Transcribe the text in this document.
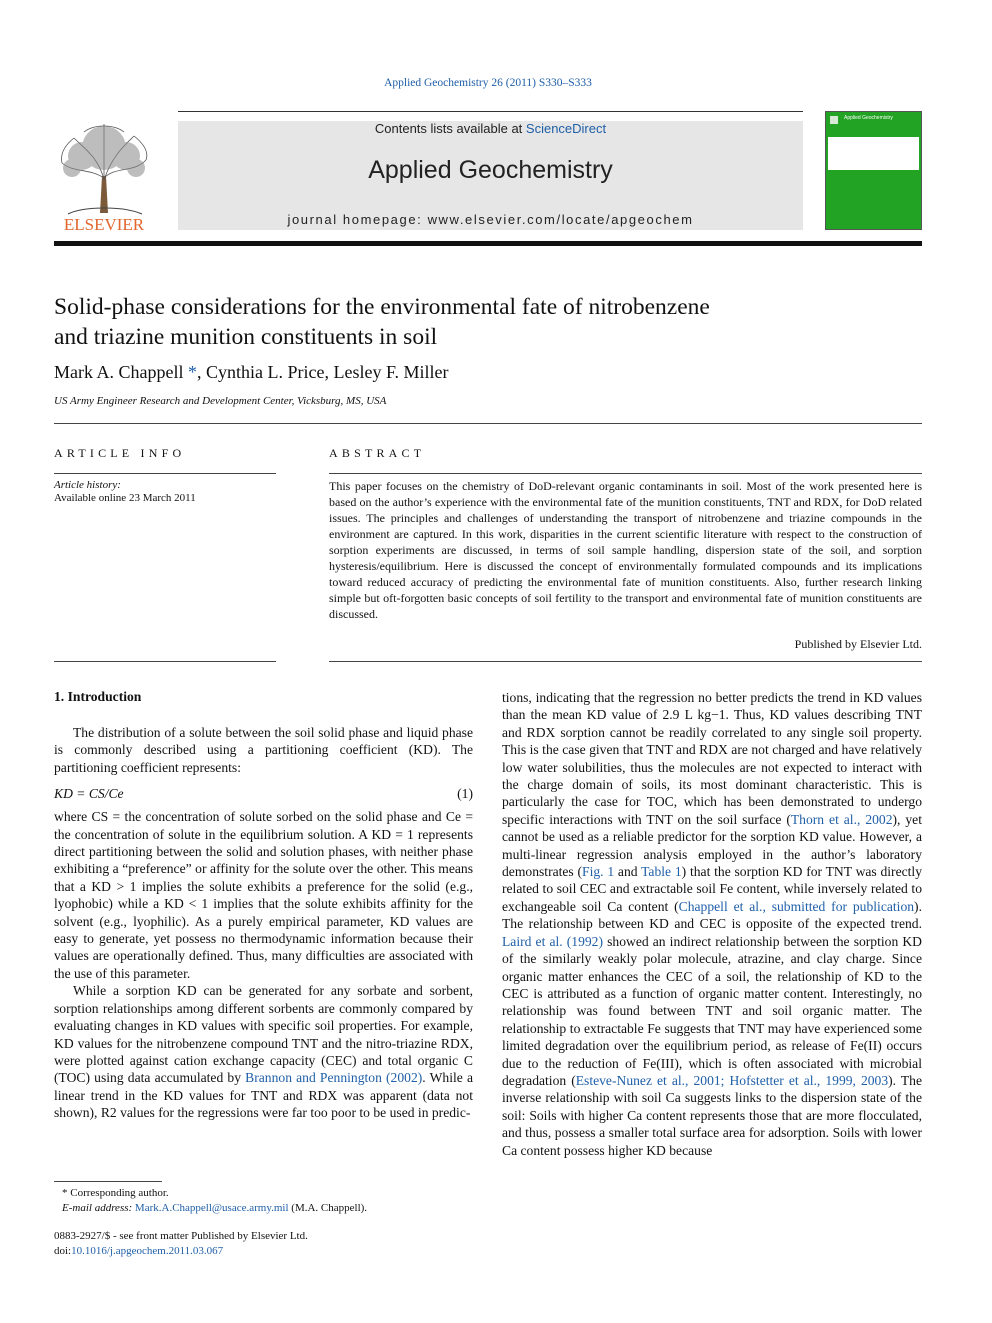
Applied Geochemistry 26 (2011) S330–S333
ELSEVIER
Contents lists available at ScienceDirect
Applied Geochemistry
journal homepage: www.elsevier.com/locate/apgeochem
Applied Geochemistry
Solid-phase considerations for the environmental fate of nitrobenzene
and triazine munition constituents in soil
Mark A. Chappell *, Cynthia L. Price, Lesley F. Miller
US Army Engineer Research and Development Center, Vicksburg, MS, USA
ARTICLE INFO	ABSTRACT
Article history:
Available online 23 March 2011
This paper focuses on the chemistry of DoD-relevant organic contaminants in soil. Most of the work presented here is based on the author’s experience with the environmental fate of the munition constituents, TNT and RDX, for DoD related issues. The principles and challenges of understanding the transport of nitrobenzene and triazine compounds in the environment are captured. In this work, disparities in the current scientific literature with respect to the construction of sorption experiments are discussed, in terms of soil sample handling, dispersion state of the soil, and sorption hysteresis/equilibrium. Here is discussed the concept of environmentally formulated compounds and its implications toward reduced accuracy of predicting the environmental fate of munition constituents. Also, further research linking simple but oft-forgotten basic concepts of soil fertility to the transport and environmental fate of munition constituents are discussed.
Published by Elsevier Ltd.
1. Introduction

The distribution of a solute between the soil solid phase and liquid phase is commonly described using a partitioning coefficient (KD). The partitioning coefficient represents:

KD = CS/Ce	(1)

where CS = the concentration of solute sorbed on the solid phase and Ce = the concentration of solute in the equilibrium solution. A KD = 1 represents direct partitioning between the solid and solution phases, with neither phase exhibiting a “preference” or affinity for the solute over the other. This means that a KD > 1 implies the solute exhibits a preference for the solid (e.g., lyophobic) while a KD < 1 implies that the solute exhibits affinity for the solvent (e.g., lyophilic). As a purely empirical parameter, KD values are easy to generate, yet possess no thermodynamic information because their values are operationally defined. Thus, many difficulties are associated with the use of this parameter.

While a sorption KD can be generated for any sorbate and sorbent, sorption relationships among different sorbents are commonly compared by evaluating changes in KD values with specific soil properties. For example, KD values for the nitrobenzene compound TNT and the nitro-triazine RDX, were plotted against cation exchange capacity (CEC) and total organic C (TOC) using data accumulated by Brannon and Pennington (2002). While a linear trend in the KD values for TNT and RDX was apparent (data not shown), R2 values for the regressions were far too poor to be used in predic-

tions, indicating that the regression no better predicts the trend in KD values than the mean KD value of 2.9 L kg−1. Thus, KD values describing TNT and RDX sorption cannot be readily correlated to any single soil property. This is the case given that TNT and RDX are not charged and have relatively low water solubilities, thus the molecules are not expected to interact with the charge domain of soils, its most dominant characteristic. This is particularly the case for TOC, which has been demonstrated to undergo specific interactions with TNT on the soil surface (Thorn et al., 2002), yet cannot be used as a reliable predictor for the sorption KD value. However, a multi-linear regression analysis employed in the author’s laboratory demonstrates (Fig. 1 and Table 1) that the sorption KD for TNT was directly related to soil CEC and extractable soil Fe content, while inversely related to exchangeable soil Ca content (Chappell et al., submitted for publication). The relationship between KD and CEC is opposite of the expected trend. Laird et al. (1992) showed an indirect relationship between the sorption KD of the similarly weakly polar molecule, atrazine, and clay charge. Since organic matter enhances the CEC of a soil, the relationship of KD to the CEC is attributed as a function of organic matter content. Interestingly, no relationship was found between TNT and soil organic matter. The relationship to extractable Fe suggests that TNT may have experienced some limited degradation over the equilibrium period, as release of Fe(II) occurs due to the reduction of Fe(III), which is often associated with microbial degradation (Esteve-Nunez et al., 2001; Hofstetter et al., 1999, 2003). The inverse relationship with soil Ca suggests links to the dispersion state of the soil: Soils with higher Ca content represents those that are more flocculated, and thus, possess a smaller total surface area for adsorption. Soils with lower Ca content possess higher KD because

* Corresponding author.
E-mail address: Mark.A.Chappell@usace.army.mil (M.A. Chappell).
0883-2927/$ - see front matter Published by Elsevier Ltd.
doi:10.1016/j.apgeochem.2011.03.067
